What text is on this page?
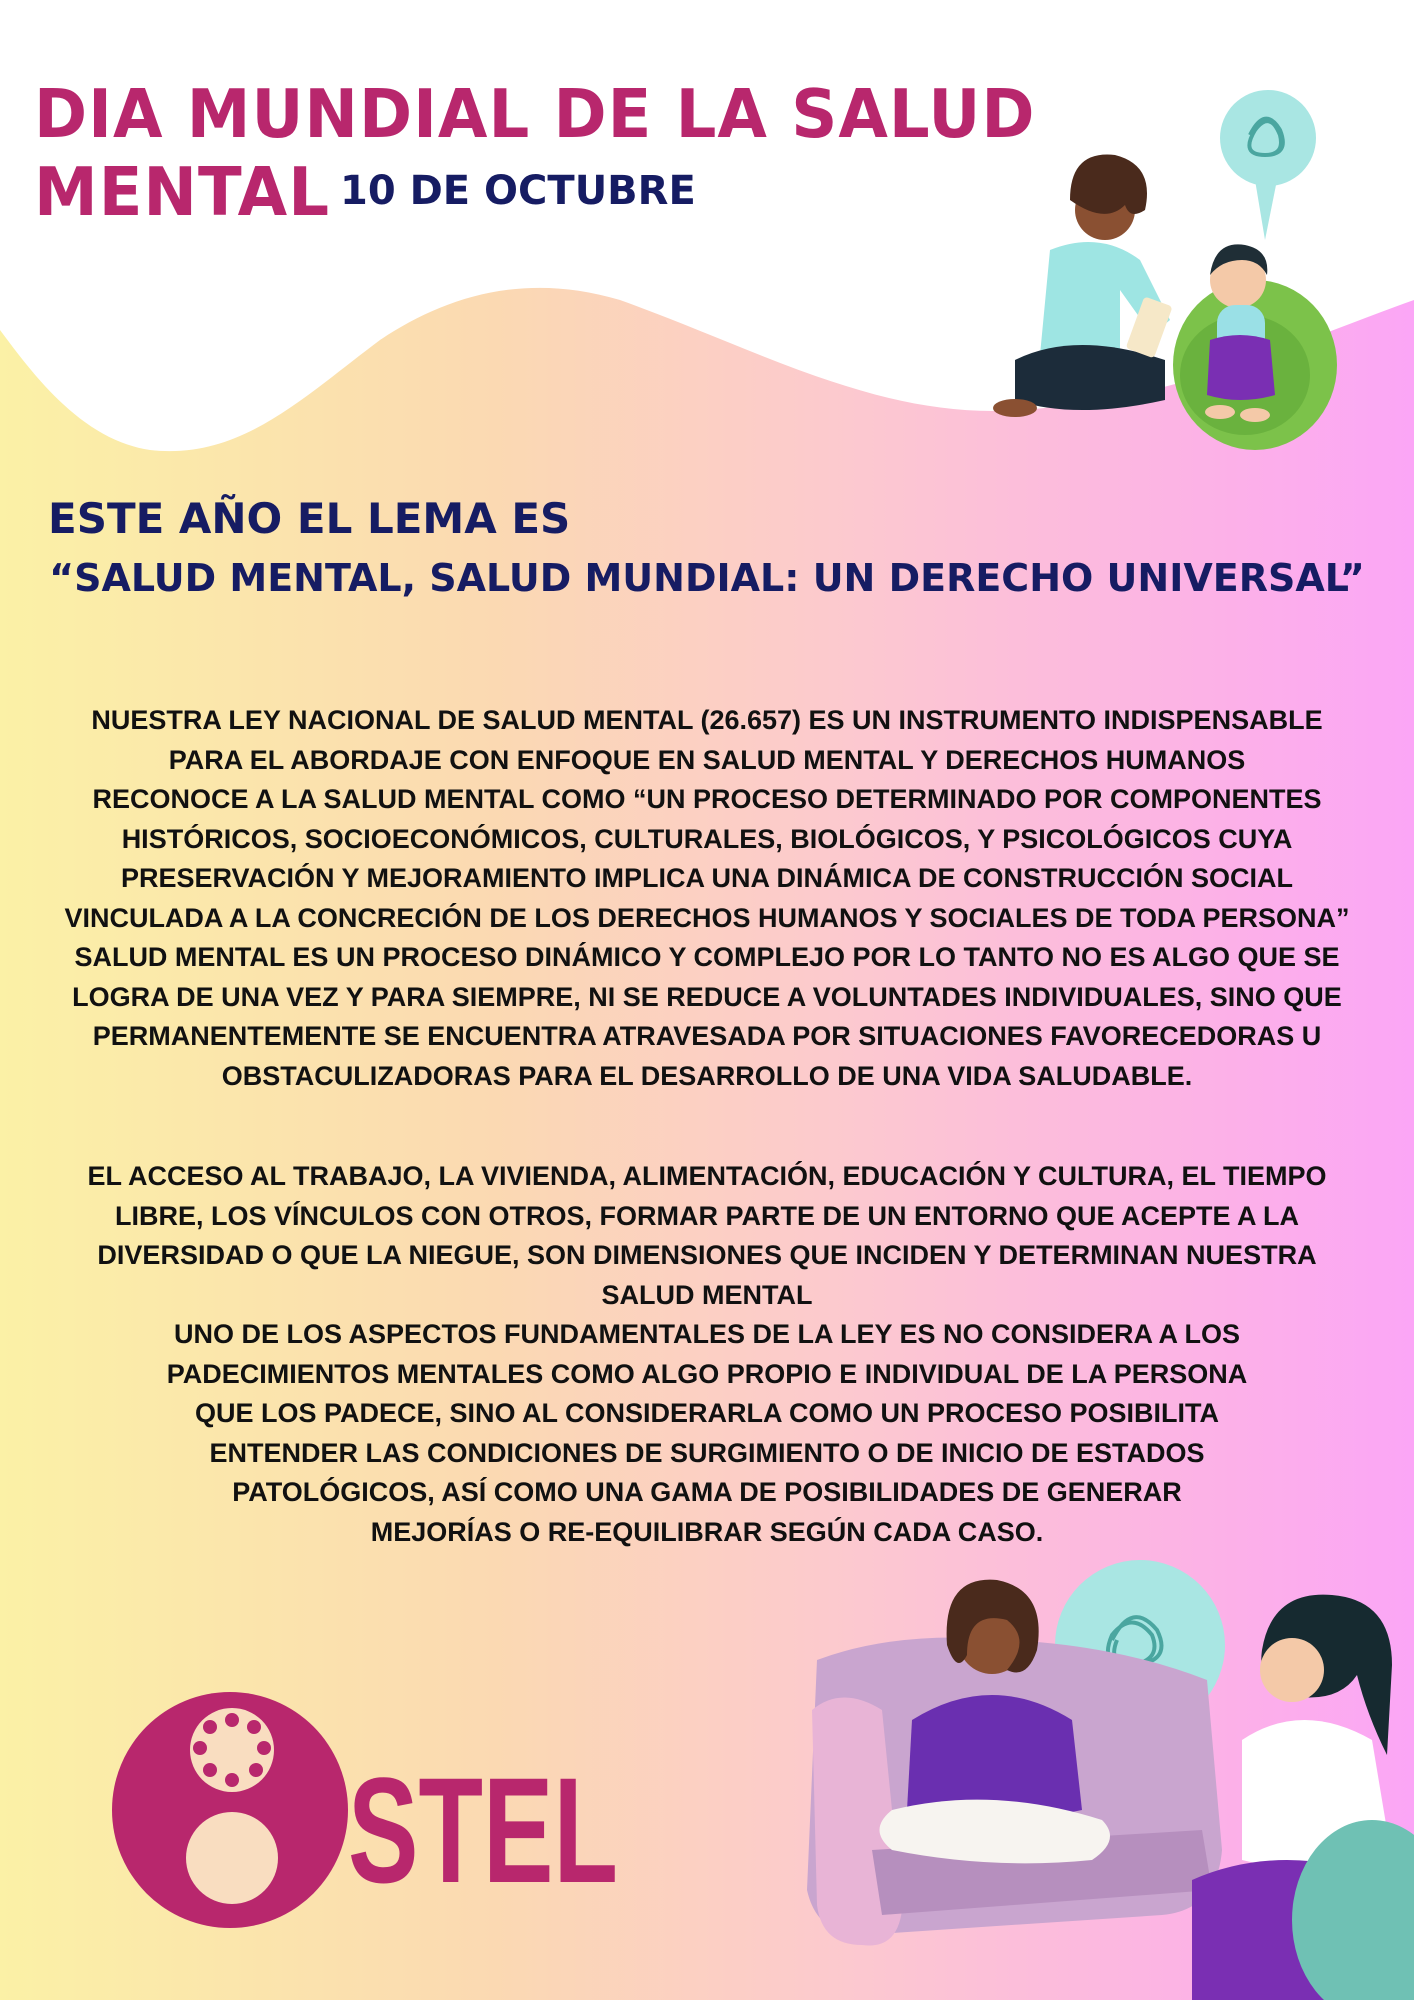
DIA MUNDIAL DE LA SALUD
MENTAL 10 DE OCTUBRE
ESTE AÑO EL LEMA ES
“SALUD MENTAL, SALUD MUNDIAL: UN DERECHO UNIVERSAL”
NUESTRA LEY NACIONAL DE SALUD MENTAL (26.657) ES UN INSTRUMENTO INDISPENSABLE
PARA EL ABORDAJE CON ENFOQUE EN SALUD MENTAL Y DERECHOS HUMANOS
RECONOCE A LA SALUD MENTAL COMO “UN PROCESO DETERMINADO POR COMPONENTES
HISTÓRICOS, SOCIOECONÓMICOS, CULTURALES, BIOLÓGICOS, Y PSICOLÓGICOS CUYA
PRESERVACIÓN Y MEJORAMIENTO IMPLICA UNA DINÁMICA DE CONSTRUCCIÓN SOCIAL
VINCULADA A LA CONCRECIÓN DE LOS DERECHOS HUMANOS Y SOCIALES DE TODA PERSONA”
SALUD MENTAL ES UN PROCESO DINÁMICO Y COMPLEJO POR LO TANTO NO ES ALGO QUE SE
LOGRA DE UNA VEZ Y PARA SIEMPRE, NI SE REDUCE A VOLUNTADES INDIVIDUALES, SINO QUE
PERMANENTEMENTE SE ENCUENTRA ATRAVESADA POR SITUACIONES FAVORECEDORAS U
OBSTACULIZADORAS PARA EL DESARROLLO DE UNA VIDA SALUDABLE.
EL ACCESO AL TRABAJO, LA VIVIENDA, ALIMENTACIÓN, EDUCACIÓN Y CULTURA, EL TIEMPO
LIBRE, LOS VÍNCULOS CON OTROS, FORMAR PARTE DE UN ENTORNO QUE ACEPTE A LA
DIVERSIDAD O QUE LA NIEGUE, SON DIMENSIONES QUE INCIDEN Y DETERMINAN NUESTRA
SALUD MENTAL
UNO DE LOS ASPECTOS FUNDAMENTALES DE LA LEY ES NO CONSIDERA A LOS
PADECIMIENTOS MENTALES COMO ALGO PROPIO E INDIVIDUAL DE LA PERSONA
QUE LOS PADECE, SINO AL CONSIDERARLA COMO UN PROCESO POSIBILITA
ENTENDER LAS CONDICIONES DE SURGIMIENTO O DE INICIO DE ESTADOS
PATOLÓGICOS, ASÍ COMO UNA GAMA DE POSIBILIDADES DE GENERAR
MEJORÍAS O RE-EQUILIBRAR SEGÚN CADA CASO.
STEL
